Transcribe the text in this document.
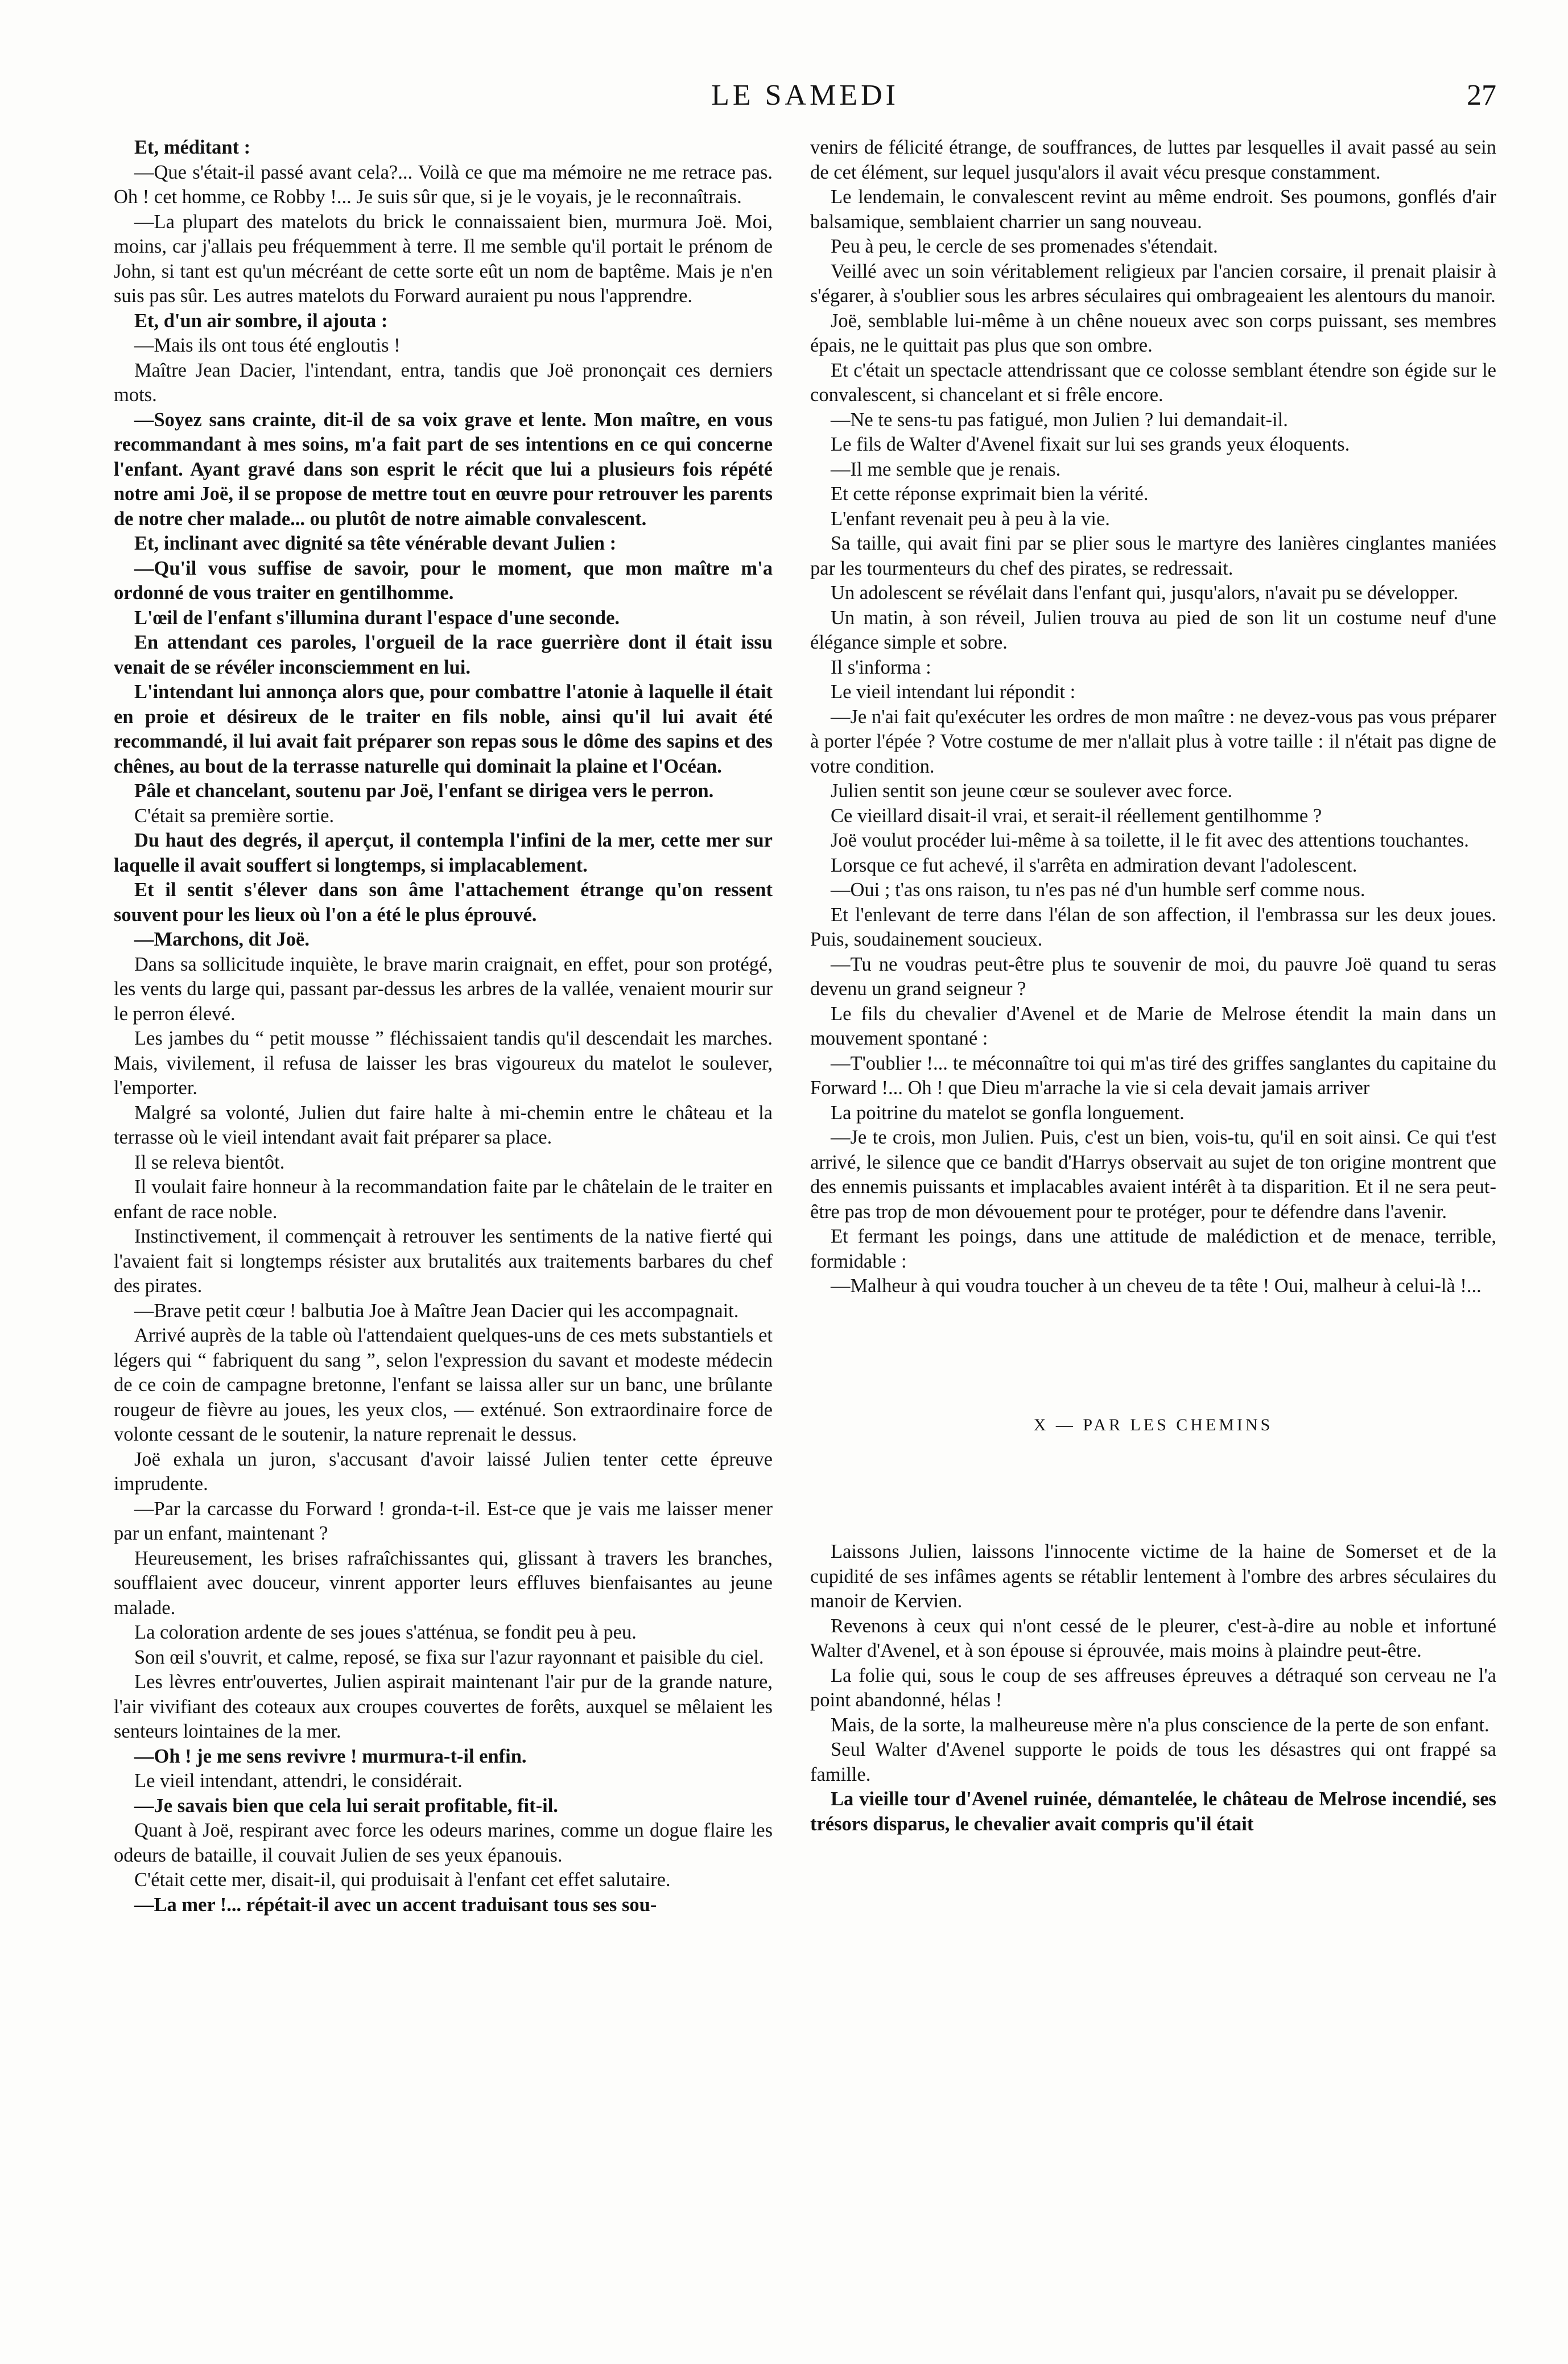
LE SAMEDI	27

Et, méditant :

—Que s'était-il passé avant cela?... Voilà ce que ma mémoire ne me retrace pas. Oh ! cet homme, ce Robby !... Je suis sûr que, si je le voyais, je le reconnaîtrais.

—La plupart des matelots du brick le connaissaient bien, murmura Joë. Moi, moins, car j'allais peu fréquemment à terre. Il me semble qu'il portait le prénom de John, si tant est qu'un mécréant de cette sorte eût un nom de baptême. Mais je n'en suis pas sûr. Les autres matelots du Forward auraient pu nous l'apprendre.

Et, d'un air sombre, il ajouta :

—Mais ils ont tous été engloutis !

Maître Jean Dacier, l'intendant, entra, tandis que Joë prononçait ces derniers mots.

—Soyez sans crainte, dit-il de sa voix grave et lente. Mon maître, en vous recommandant à mes soins, m'a fait part de ses intentions en ce qui concerne l'enfant. Ayant gravé dans son esprit le récit que lui a plusieurs fois répété notre ami Joë, il se propose de mettre tout en œuvre pour retrouver les parents de notre cher malade... ou plutôt de notre aimable convalescent.

Et, inclinant avec dignité sa tête vénérable devant Julien :

—Qu'il vous suffise de savoir, pour le moment, que mon maître m'a ordonné de vous traiter en gentilhomme.

L'œil de l'enfant s'illumina durant l'espace d'une seconde.

En attendant ces paroles, l'orgueil de la race guerrière dont il était issu venait de se révéler inconsciemment en lui.

L'intendant lui annonça alors que, pour combattre l'atonie à laquelle il était en proie et désireux de le traiter en fils noble, ainsi qu'il lui avait été recommandé, il lui avait fait préparer son repas sous le dôme des sapins et des chênes, au bout de la terrasse naturelle qui dominait la plaine et l'Océan.

Pâle et chancelant, soutenu par Joë, l'enfant se dirigea vers le perron.

C'était sa première sortie.

Du haut des degrés, il aperçut, il contempla l'infini de la mer, cette mer sur laquelle il avait souffert si longtemps, si implacablement.

Et il sentit s'élever dans son âme l'attachement étrange qu'on ressent souvent pour les lieux où l'on a été le plus éprouvé.

—Marchons, dit Joë.

Dans sa sollicitude inquiète, le brave marin craignait, en effet, pour son protégé, les vents du large qui, passant par-dessus les arbres de la vallée, venaient mourir sur le perron élevé.

Les jambes du “ petit mousse ” fléchissaient tandis qu'il descendait les marches. Mais, vivilement, il refusa de laisser les bras vigoureux du matelot le soulever, l'emporter.

Malgré sa volonté, Julien dut faire halte à mi-chemin entre le château et la terrasse où le vieil intendant avait fait préparer sa place.

Il se releva bientôt.

Il voulait faire honneur à la recommandation faite par le châtelain de le traiter en enfant de race noble.

Instinctivement, il commençait à retrouver les sentiments de la native fierté qui l'avaient fait si longtemps résister aux brutalités aux traitements barbares du chef des pirates.

—Brave petit cœur ! balbutia Joe à Maître Jean Dacier qui les accompagnait.

Arrivé auprès de la table où l'attendaient quelques-uns de ces mets substantiels et légers qui “ fabriquent du sang ”, selon l'expression du savant et modeste médecin de ce coin de campagne bretonne, l'enfant se laissa aller sur un banc, une brûlante rougeur de fièvre au joues, les yeux clos, — exténué. Son extraordinaire force de volonte cessant de le soutenir, la nature reprenait le dessus.

Joë exhala un juron, s'accusant d'avoir laissé Julien tenter cette épreuve imprudente.

—Par la carcasse du Forward ! gronda-t-il. Est-ce que je vais me laisser mener par un enfant, maintenant ?

Heureusement, les brises rafraîchissantes qui, glissant à travers les branches, soufflaient avec douceur, vinrent apporter leurs effluves bienfaisantes au jeune malade.

La coloration ardente de ses joues s'atténua, se fondit peu à peu.

Son œil s'ouvrit, et calme, reposé, se fixa sur l'azur rayonnant et paisible du ciel.

Les lèvres entr'ouvertes, Julien aspirait maintenant l'air pur de la grande nature, l'air vivifiant des coteaux aux croupes couvertes de forêts, auxquel se mêlaient les senteurs lointaines de la mer.

—Oh ! je me sens revivre ! murmura-t-il enfin.

Le vieil intendant, attendri, le considérait.

—Je savais bien que cela lui serait profitable, fit-il.

Quant à Joë, respirant avec force les odeurs marines, comme un dogue flaire les odeurs de bataille, il couvait Julien de ses yeux épanouis.

C'était cette mer, disait-il, qui produisait à l'enfant cet effet salutaire.

—La mer !... répétait-il avec un accent traduisant tous ses sou-

venirs de félicité étrange, de souffrances, de luttes par lesquelles il avait passé au sein de cet élément, sur lequel jusqu'alors il avait vécu presque constamment.

Le lendemain, le convalescent revint au même endroit. Ses poumons, gonflés d'air balsamique, semblaient charrier un sang nouveau.

Peu à peu, le cercle de ses promenades s'étendait.

Veillé avec un soin véritablement religieux par l'ancien corsaire, il prenait plaisir à s'égarer, à s'oublier sous les arbres séculaires qui ombrageaient les alentours du manoir.

Joë, semblable lui-même à un chêne noueux avec son corps puissant, ses membres épais, ne le quittait pas plus que son ombre.

Et c'était un spectacle attendrissant que ce colosse semblant étendre son égide sur le convalescent, si chancelant et si frêle encore.

—Ne te sens-tu pas fatigué, mon Julien ? lui demandait-il.

Le fils de Walter d'Avenel fixait sur lui ses grands yeux éloquents.

—Il me semble que je renais.

Et cette réponse exprimait bien la vérité.

L'enfant revenait peu à peu à la vie.

Sa taille, qui avait fini par se plier sous le martyre des lanières cinglantes maniées par les tourmenteurs du chef des pirates, se redressait.

Un adolescent se révélait dans l'enfant qui, jusqu'alors, n'avait pu se développer.

Un matin, à son réveil, Julien trouva au pied de son lit un costume neuf d'une élégance simple et sobre.

Il s'informa :

Le vieil intendant lui répondit :

—Je n'ai fait qu'exécuter les ordres de mon maître : ne devez-vous pas vous préparer à porter l'épée ? Votre costume de mer n'allait plus à votre taille : il n'était pas digne de votre condition.

Julien sentit son jeune cœur se soulever avec force.

Ce vieillard disait-il vrai, et serait-il réellement gentilhomme ?

Joë voulut procéder lui-même à sa toilette, il le fit avec des attentions touchantes.

Lorsque ce fut achevé, il s'arrêta en admiration devant l'adolescent.

—Oui ; t'as ons raison, tu n'es pas né d'un humble serf comme nous.

Et l'enlevant de terre dans l'élan de son affection, il l'embrassa sur les deux joues. Puis, soudainement soucieux.

—Tu ne voudras peut-être plus te souvenir de moi, du pauvre Joë quand tu seras devenu un grand seigneur ?

Le fils du chevalier d'Avenel et de Marie de Melrose étendit la main dans un mouvement spontané :

—T'oublier !... te méconnaître toi qui m'as tiré des griffes sanglantes du capitaine du Forward !... Oh ! que Dieu m'arrache la vie si cela devait jamais arriver

La poitrine du matelot se gonfla longuement.

—Je te crois, mon Julien. Puis, c'est un bien, vois-tu, qu'il en soit ainsi. Ce qui t'est arrivé, le silence que ce bandit d'Harrys observait au sujet de ton origine montrent que des ennemis puissants et implacables avaient intérêt à ta disparition. Et il ne sera peut-être pas trop de mon dévouement pour te protéger, pour te défendre dans l'avenir.

Et fermant les poings, dans une attitude de malédiction et de menace, terrible, formidable :

—Malheur à qui voudra toucher à un cheveu de ta tête ! Oui, malheur à celui-là !...

X — PAR LES CHEMINS

Laissons Julien, laissons l'innocente victime de la haine de Somerset et de la cupidité de ses infâmes agents se rétablir lentement à l'ombre des arbres séculaires du manoir de Kervien.

Revenons à ceux qui n'ont cessé de le pleurer, c'est-à-dire au noble et infortuné Walter d'Avenel, et à son épouse si éprouvée, mais moins à plaindre peut-être.

La folie qui, sous le coup de ses affreuses épreuves a détraqué son cerveau ne l'a point abandonné, hélas !

Mais, de la sorte, la malheureuse mère n'a plus conscience de la perte de son enfant.

Seul Walter d'Avenel supporte le poids de tous les désastres qui ont frappé sa famille.

La vieille tour d'Avenel ruinée, démantelée, le château de Melrose incendié, ses trésors disparus, le chevalier avait compris qu'il était
